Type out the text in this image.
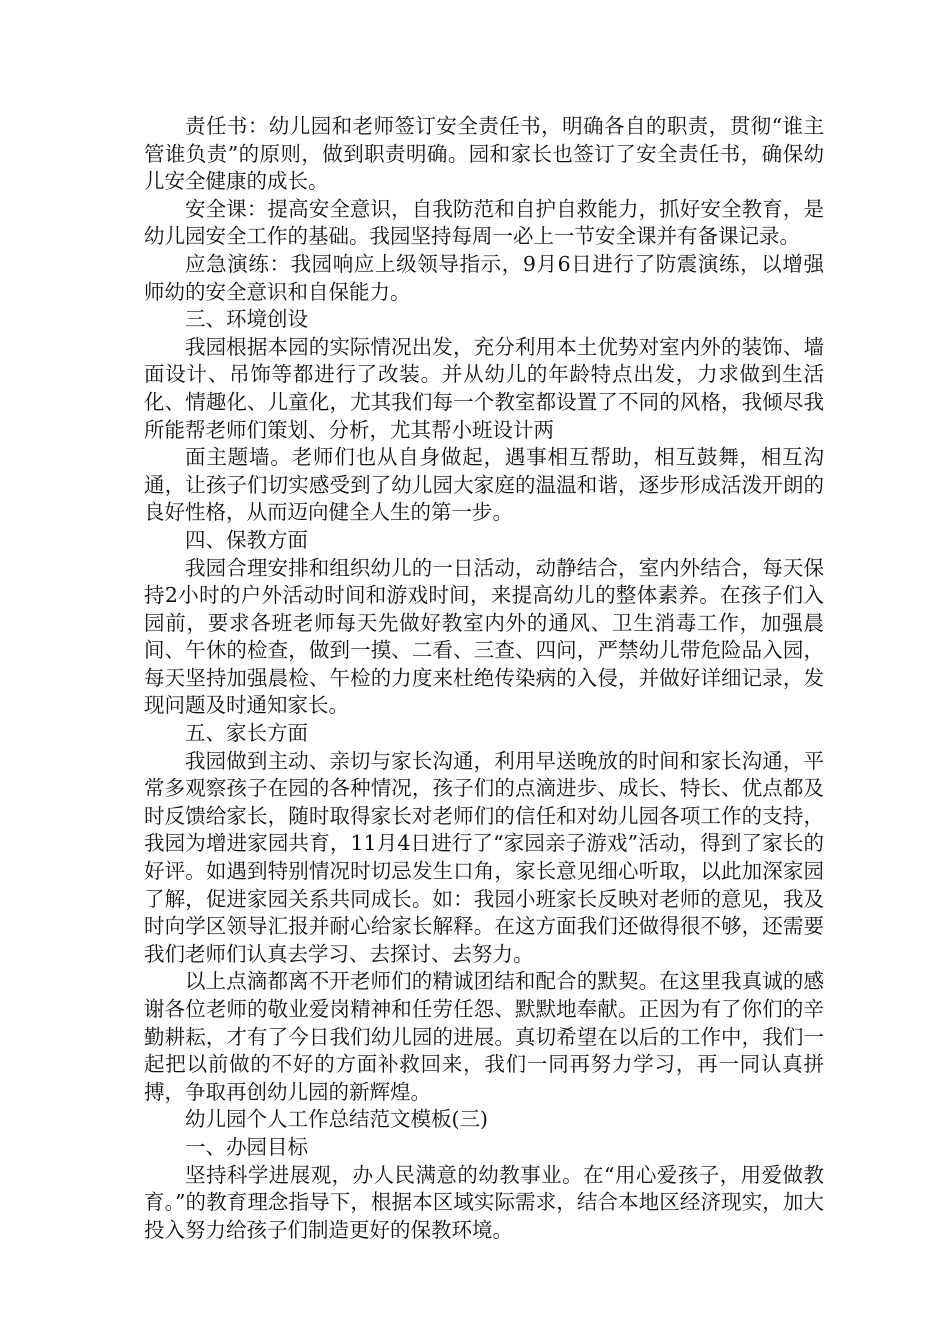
责任书：幼儿园和老师签订安全责任书，明确各自的职责，贯彻“谁主管谁负责”的原则，做到职责明确。园和家长也签订了安全责任书，确保幼儿安全健康的成长。

安全课：提高安全意识，自我防范和自护自救能力，抓好安全教育，是幼儿园安全工作的基础。我园坚持每周一必上一节安全课并有备课记录。

应急演练：我园响应上级领导指示，9月6日进行了防震演练，以增强师幼的安全意识和自保能力。

三、环境创设

我园根据本园的实际情况出发，充分利用本土优势对室内外的装饰、墙面设计、吊饰等都进行了改装。并从幼儿的年龄特点出发，力求做到生活化、情趣化、儿童化，尤其我们每一个教室都设置了不同的风格，我倾尽我所能帮老师们策划、分析，尤其帮小班设计两

面主题墙。老师们也从自身做起，遇事相互帮助，相互鼓舞，相互沟通，让孩子们切实感受到了幼儿园大家庭的温温和谐，逐步形成活泼开朗的良好性格，从而迈向健全人生的第一步。

四、保教方面

我园合理安排和组织幼儿的一日活动，动静结合，室内外结合，每天保持2小时的户外活动时间和游戏时间，来提高幼儿的整体素养。在孩子们入园前，要求各班老师每天先做好教室内外的通风、卫生消毒工作，加强晨间、午休的检查，做到一摸、二看、三查、四问，严禁幼儿带危险品入园，每天坚持加强晨检、午检的力度来杜绝传染病的入侵，并做好详细记录，发现问题及时通知家长。

五、家长方面

我园做到主动、亲切与家长沟通，利用早送晚放的时间和家长沟通，平常多观察孩子在园的各种情况，孩子们的点滴进步、成长、特长、优点都及时反馈给家长，随时取得家长对老师们的信任和对幼儿园各项工作的支持，我园为增进家园共育，11月4日进行了“家园亲子游戏”活动，得到了家长的好评。如遇到特别情况时切忌发生口角，家长意见细心听取，以此加深家园了解，促进家园关系共同成长。如：我园小班家长反映对老师的意见，我及时向学区领导汇报并耐心给家长解释。在这方面我们还做得很不够，还需要我们老师们认真去学习、去探讨、去努力。

以上点滴都离不开老师们的精诚团结和配合的默契。在这里我真诚的感谢各位老师的敬业爱岗精神和任劳任怨、默默地奉献。正因为有了你们的辛勤耕耘，才有了今日我们幼儿园的进展。真切希望在以后的工作中，我们一起把以前做的不好的方面补救回来，我们一同再努力学习，再一同认真拼搏，争取再创幼儿园的新辉煌。

幼儿园个人工作总结范文模板(三)

一、办园目标

坚持科学进展观，办人民满意的幼教事业。在“用心爱孩子，用爱做教育。”的教育理念指导下，根据本区域实际需求，结合本地区经济现实，加大投入努力给孩子们制造更好的保教环境。
